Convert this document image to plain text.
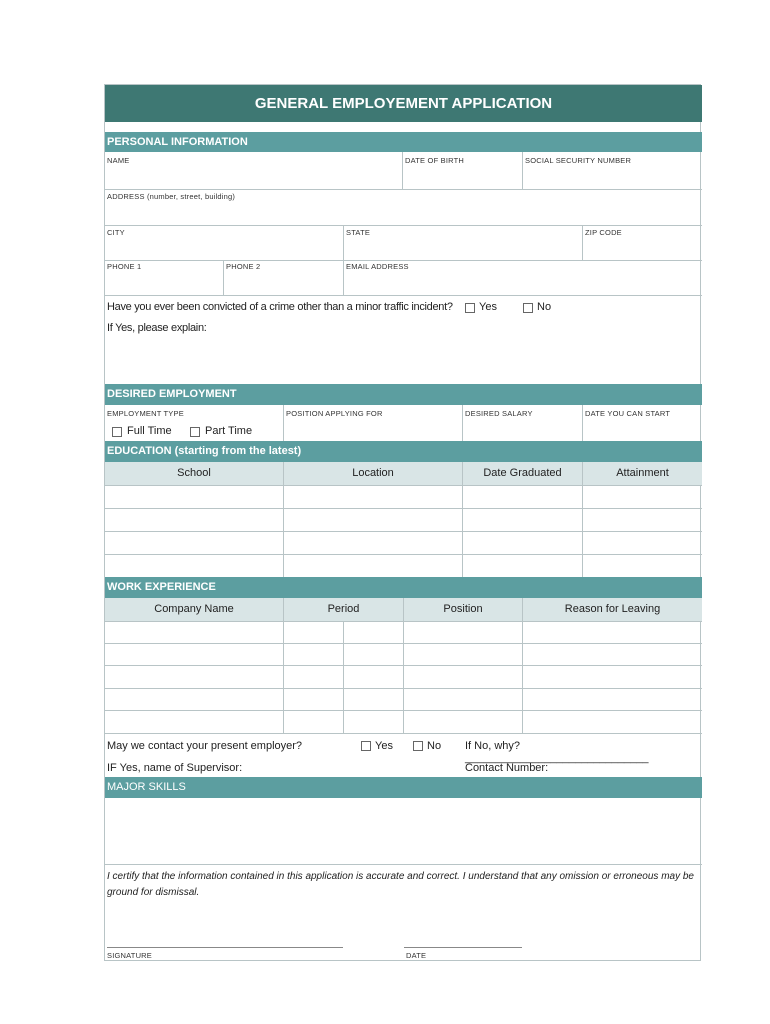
GENERAL EMPLOYEMENT APPLICATION
PERSONAL INFORMATION
NAME	DATE OF BIRTH	SOCIAL SECURITY NUMBER
ADDRESS (number, street, building)
CITY	STATE	ZIP CODE
PHONE 1	PHONE 2	EMAIL ADDRESS
Have you ever been convicted of a crime other than a minor traffic incident? Yes	No
If Yes, please explain:
DESIRED EMPLOYMENT
EMPLOYMENT TYPE	POSITION APPLYING FOR	DESIRED SALARY	DATE YOU CAN START
Full Time	Part Time
EDUCATION (starting from the latest)
School	Location	Date Graduated	Attainment
WORK EXPERIENCE
Company Name	Period	Position	Reason for Leaving
May we contact your present employer?	Yes	No If No, why? ______________________________
IF Yes, name of Supervisor:	Contact Number:
MAJOR SKILLS
I certify that the information contained in this application is accurate and correct. I understand that any omission or erroneous may be ground for dismissal.
SIGNATURE	DATE
